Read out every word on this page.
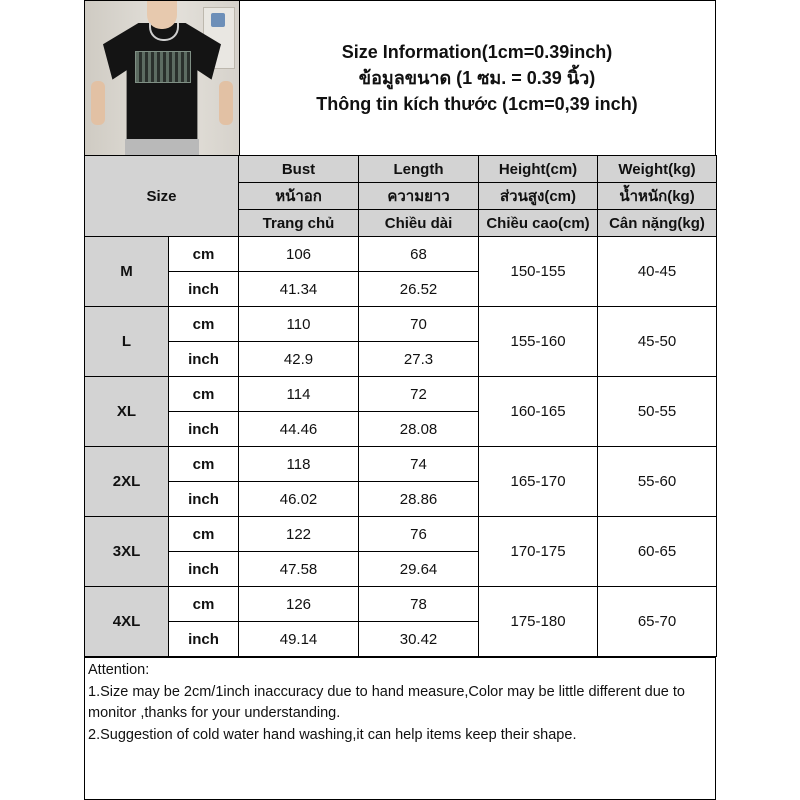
Size Information(1cm=0.39inch)
ข้อมูลขนาด (1 ซม. = 0.39 นิ้ว)
Thông tin kích thước (1cm=0,39 inch)
Size		Bust	Length	Height(cm)	Weight(kg)
		หน้าอก	ความยาว	ส่วนสูง(cm)	น้ำหนัก(kg)
		Trang chủ	Chiều dài	Chiều cao(cm)	Cân nặng(kg)
M	cm	106	68	150-155	40-45
	inch	41.34	26.52		
L	cm	110	70	155-160	45-50
	inch	42.9	27.3		
XL	cm	114	72	160-165	50-55
	inch	44.46	28.08		
2XL	cm	118	74	165-170	55-60
	inch	46.02	28.86		
3XL	cm	122	76	170-175	60-65
	inch	47.58	29.64		
4XL	cm	126	78	175-180	65-70
	inch	49.14	30.42		
Attention:
1.Size may be 2cm/1inch inaccuracy due to hand measure,Color may be little different due to monitor ,thanks for your understanding.
2.Suggestion of cold water hand washing,it can help items keep their shape.
